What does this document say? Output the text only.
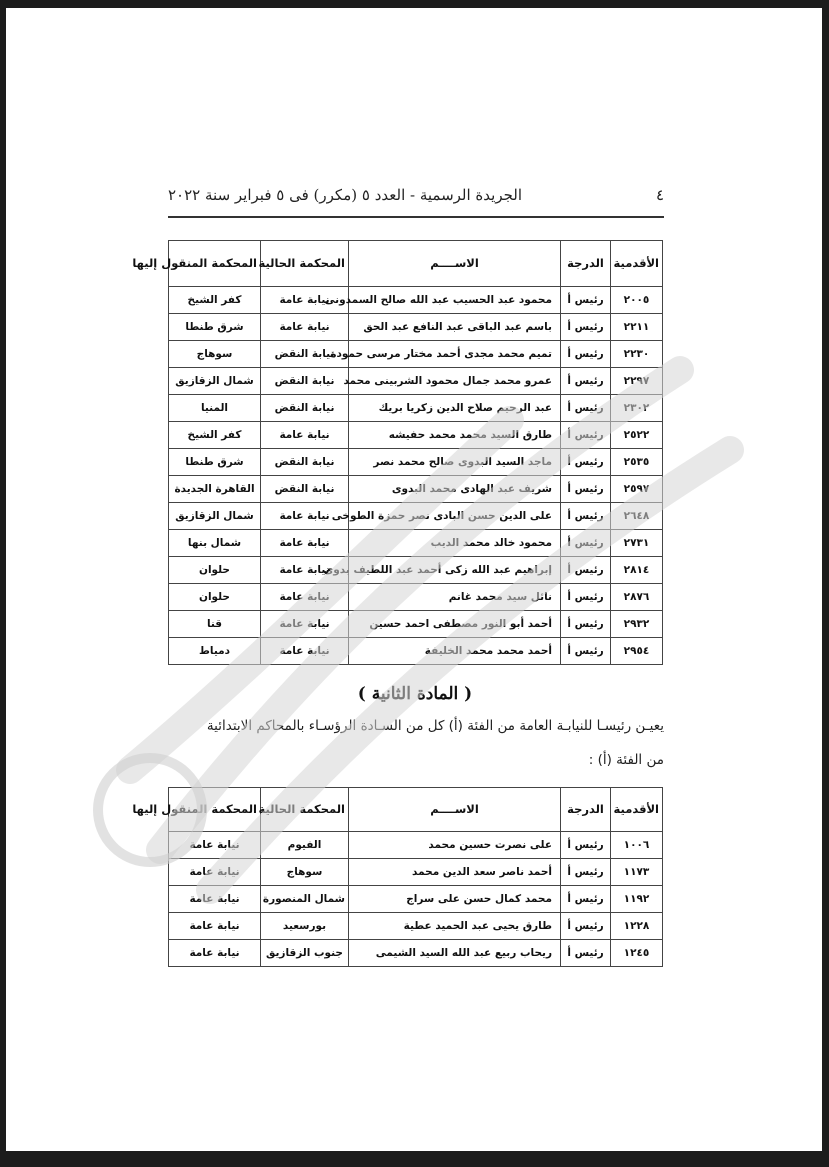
٤
الجريدة الرسمية - العدد ٥ (مكرر) فى ٥ فبراير سنة ٢٠٢٢
الأقدمية	الدرجة	الاســــم	المحكمة الحالية	المحكمة المنقول إليها
٢٠٠٥	رئيس أ	محمود عبد الحسيب عبد الله صالح السمدونى	نيابة عامة	كفر الشيخ
٢٢١١	رئيس أ	باسم عبد الباقى عبد النافع عبد الحق	نيابة عامة	شرق طنطا
٢٢٣٠	رئيس أ	تميم محمد مجدى أحمد مختار مرسى حمودة	نيابة النقض	سوهاج
٢٢٩٧	رئيس أ	عمرو محمد جمال محمود الشربينى محمد	نيابة النقض	شمال الزقازيق
٢٣٠٢	رئيس أ	عبد الرحيم صلاح الدين زكريا بريك	نيابة النقض	المنيا
٢٥٢٢	رئيس أ	طارق السيد محمد محمد حفيشه	نيابة عامة	كفر الشيخ
٢٥٣٥	رئيس أ	ماجد السيد البدوى صالح محمد نصر	نيابة النقض	شرق طنطا
٢٥٩٧	رئيس أ	شريف عبد الهادى محمد البدوى	نيابة النقض	القاهرة الجديدة
٢٦٤٨	رئيس أ	على الدين حسن البادى نصر حمزة الطوخى	نيابة عامة	شمال الزقازيق
٢٧٣١	رئيس أ	محمود خالد محمد الديب	نيابة عامة	شمال بنها
٢٨١٤	رئيس أ	إبراهيم عبد الله زكى أحمد عبد اللطيف بدوى	نيابة عامة	حلوان
٢٨٧٦	رئيس أ	نائل سيد محمد غانم	نيابة عامة	حلوان
٢٩٣٢	رئيس أ	أحمد أبو النور مصطفى احمد حسين	نيابة عامة	قنا
٢٩٥٤	رئيس أ	أحمد محمد محمد الخليفة	نيابة عامة	دمياط
( المادة الثانية )
يعيـن رئيسـا للنيابـة العامة من الفئة (أ) كل من السـادة الرؤسـاء بالمحاكم الابتدائية
من الفئة (أ) :
الأقدمية	الدرجة	الاســــم	المحكمة الحالية	المحكمة المنقول إليها
١٠٠٦	رئيس أ	على نصرت حسين محمد	الفيوم	نيابة عامة
١١٧٣	رئيس أ	أحمد ناصر سعد الدين محمد	سوهاج	نيابة عامة
١١٩٢	رئيس أ	محمد كمال حسن على سراج	شمال المنصورة	نيابة عامة
١٢٢٨	رئيس أ	طارق يحيى عبد الحميد عطية	بورسعيد	نيابة عامة
١٢٤٥	رئيس أ	ريحاب ربيع عبد الله السيد الشيمى	جنوب الزقازيق	نيابة عامة
